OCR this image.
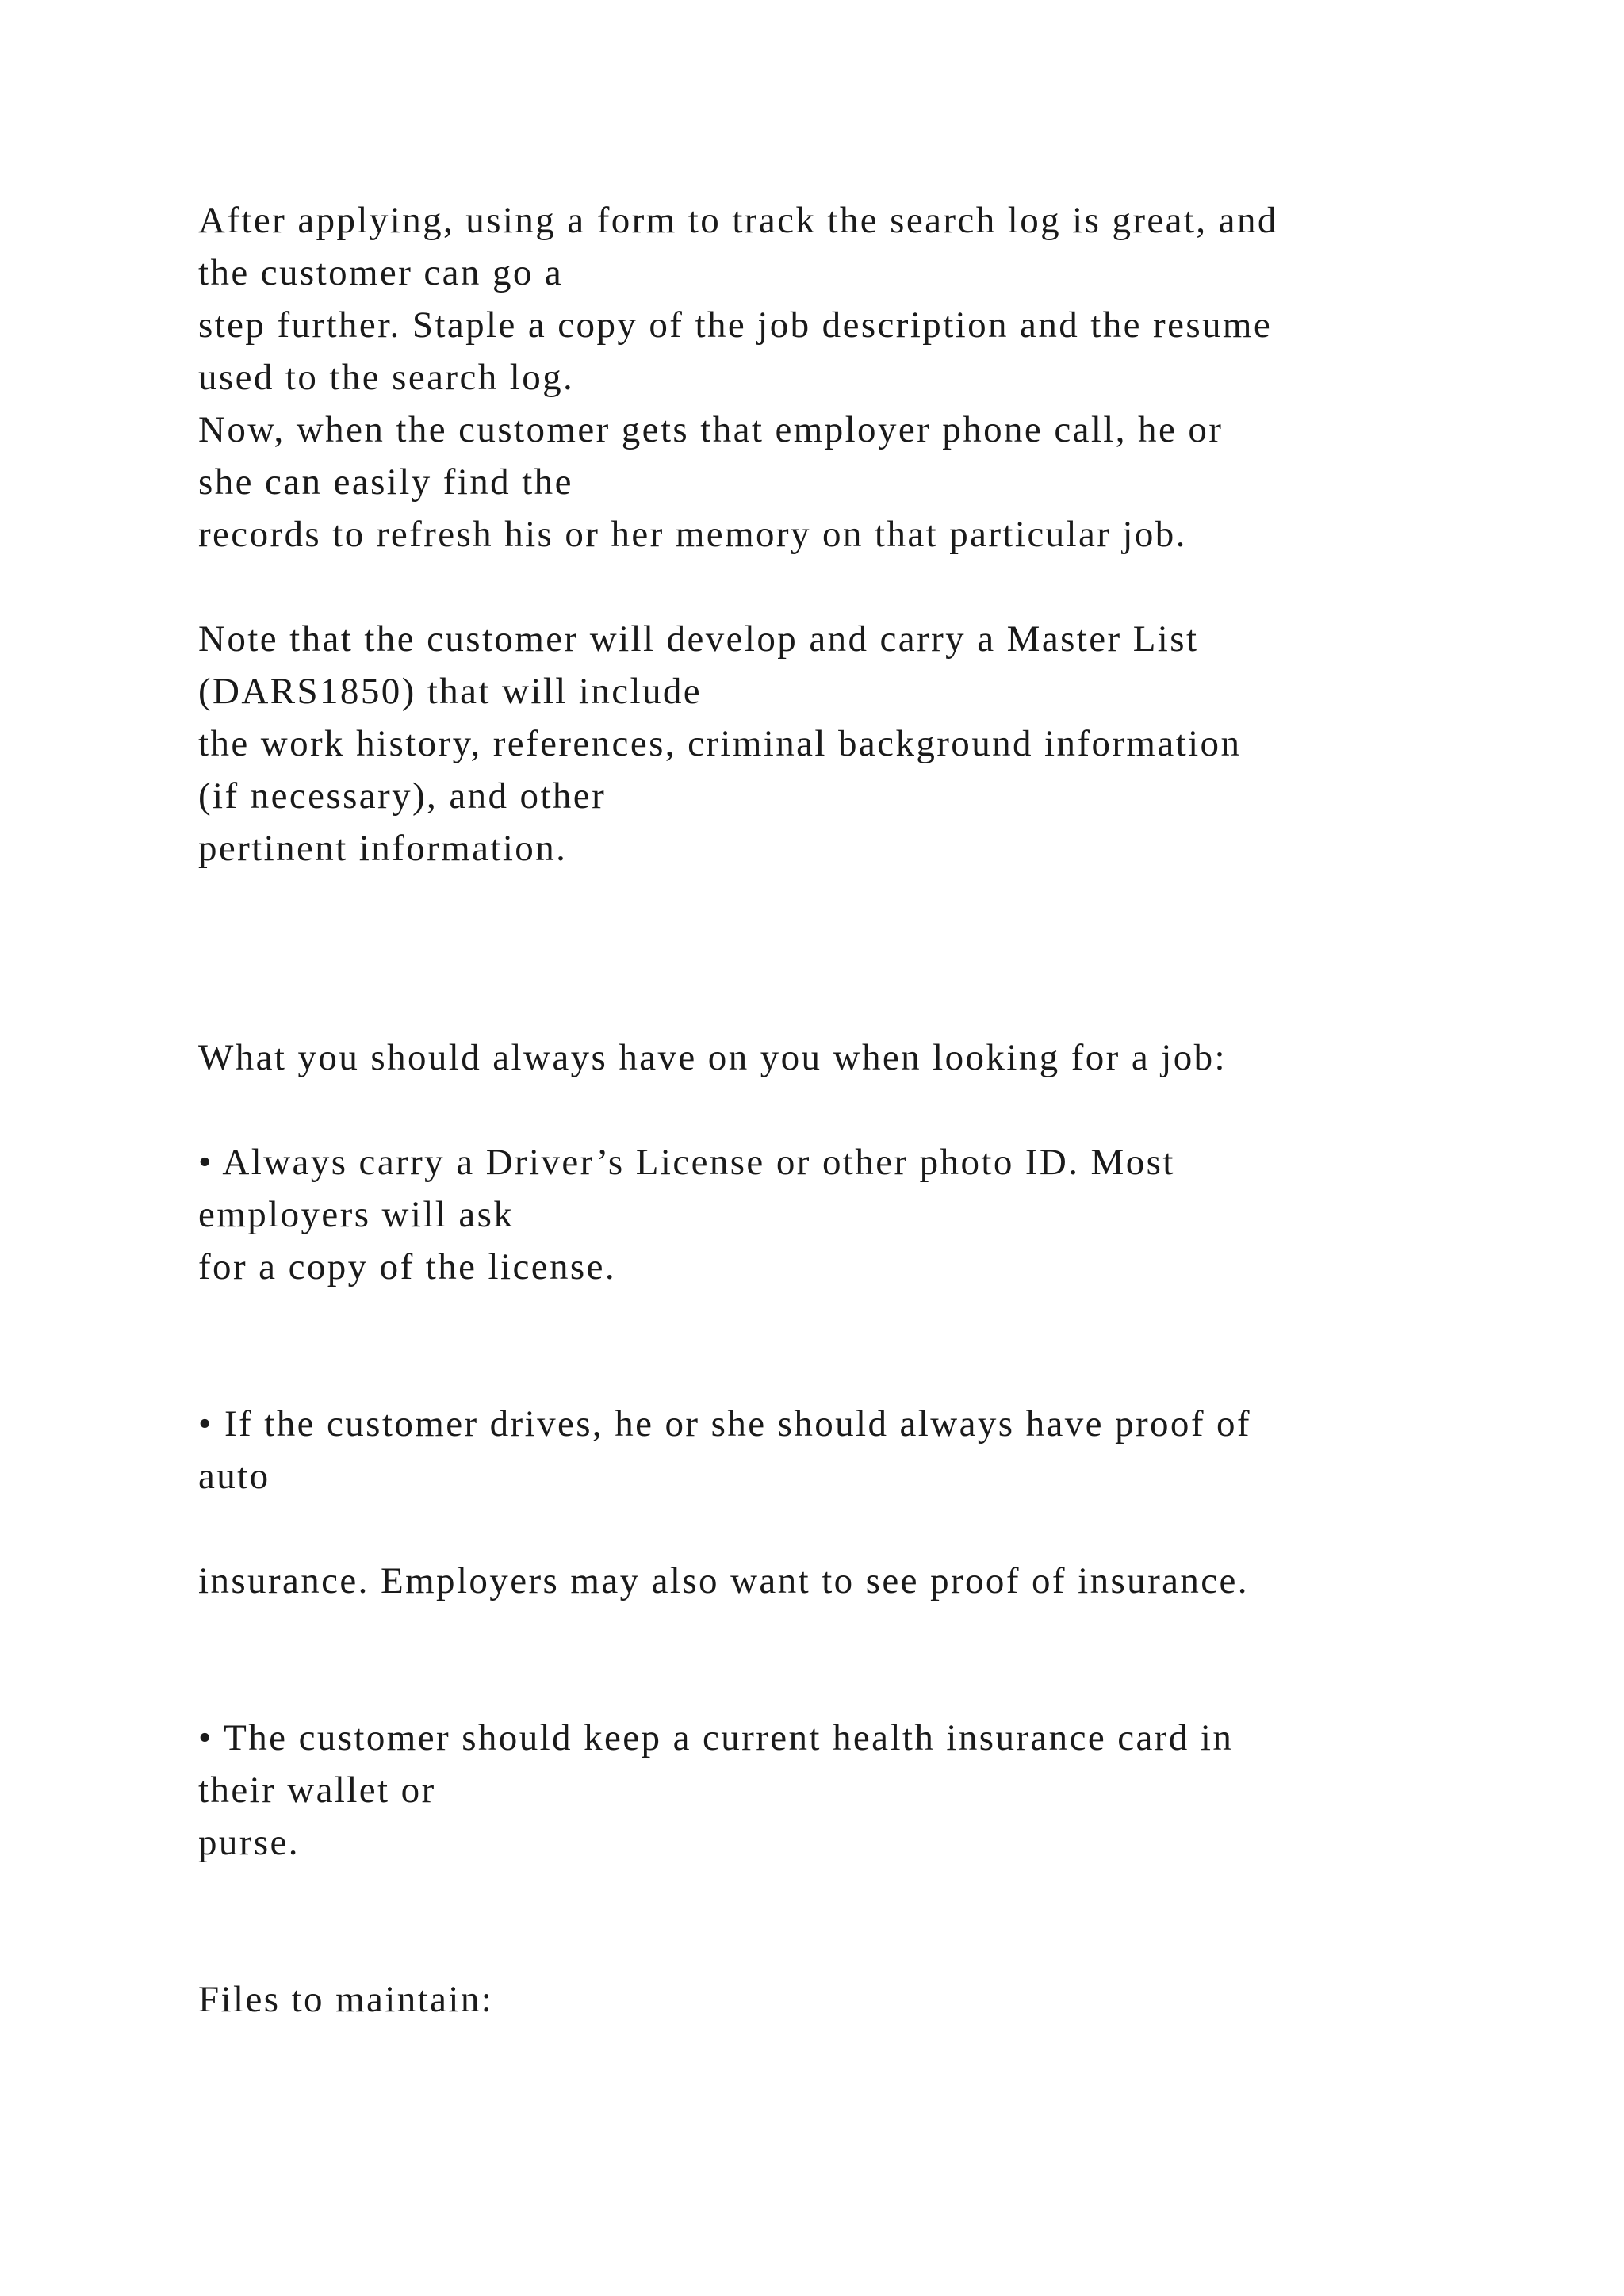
After applying, using a form to track the search log is great, and

the customer can go a

step further. Staple a copy of the job description and the resume

used to the search log.

Now, when the customer gets that employer phone call, he or

she can easily find the

records to refresh his or her memory on that particular job.

Note that the customer will develop and carry a Master List

(DARS1850) that will include

the work history, references, criminal background information

(if necessary), and other

pertinent information.

What you should always have on you when looking for a job:

• Always carry a Driver’s License or other photo ID. Most

employers will ask

for a copy of the license.

• If the customer drives, he or she should always have proof of

auto

insurance. Employers may also want to see proof of insurance.

• The customer should keep a current health insurance card in

their wallet or

purse.

Files to maintain:
